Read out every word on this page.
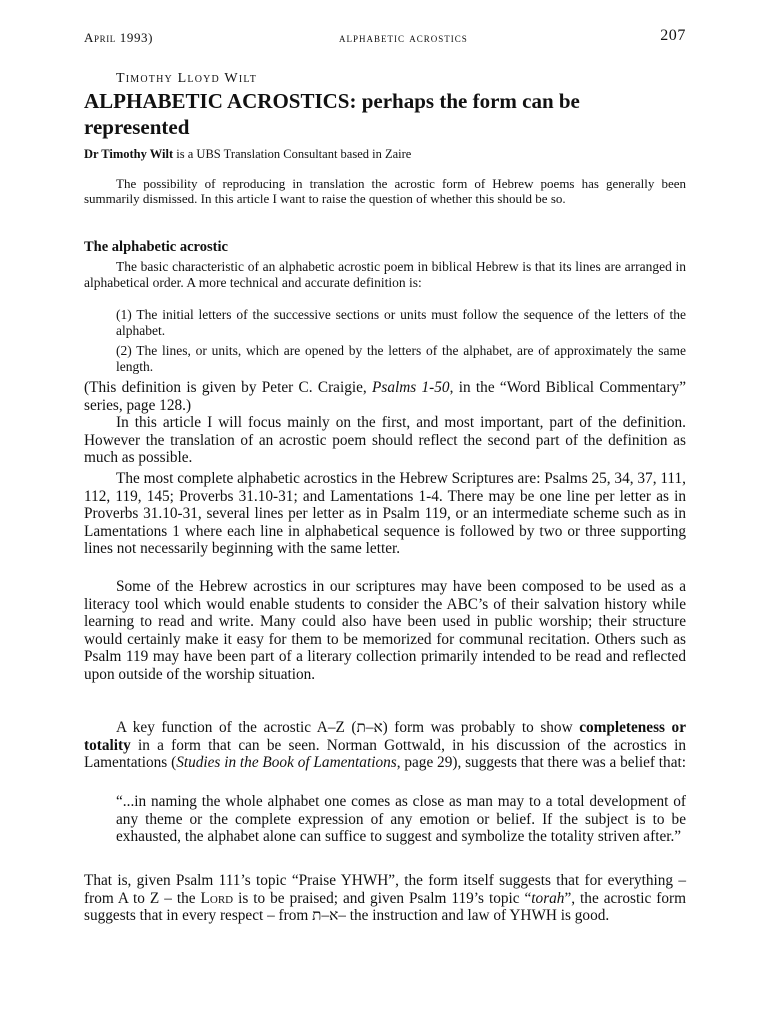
April 1993)	alphabetic acrostics	207
Timothy Lloyd Wilt
ALPHABETIC ACROSTICS: perhaps the form can be represented
Dr Timothy Wilt is a UBS Translation Consultant based in Zaire
The possibility of reproducing in translation the acrostic form of Hebrew poems has generally been summarily dismissed. In this article I want to raise the question of whether this should be so.
The alphabetic acrostic
The basic characteristic of an alphabetic acrostic poem in biblical Hebrew is that its lines are arranged in alphabetical order. A more technical and accurate definition is:
(1) The initial letters of the successive sections or units must follow the sequence of the letters of the alphabet.
(2) The lines, or units, which are opened by the letters of the alphabet, are of approximately the same length.
(This definition is given by Peter C. Craigie, Psalms 1-50, in the “Word Biblical Commentary” series, page 128.)
In this article I will focus mainly on the first, and most important, part of the definition. However the translation of an acrostic poem should reflect the second part of the definition as much as possible.
The most complete alphabetic acrostics in the Hebrew Scriptures are: Psalms 25, 34, 37, 111, 112, 119, 145; Proverbs 31.10-31; and Lamentations 1-4. There may be one line per letter as in Proverbs 31.10-31, several lines per letter as in Psalm 119, or an intermediate scheme such as in Lamentations 1 where each line in alphabetical sequence is followed by two or three supporting lines not necessarily beginning with the same letter.
Some of the Hebrew acrostics in our scriptures may have been composed to be used as a literacy tool which would enable students to consider the ABC’s of their salvation history while learning to read and write. Many could also have been used in public worship; their structure would certainly make it easy for them to be memorized for communal recitation. Others such as Psalm 119 may have been part of a literary collection primarily intended to be read and reflected upon outside of the worship situation.
A key function of the acrostic A–Z (א–ת) form was probably to show completeness or totality in a form that can be seen. Norman Gottwald, in his discussion of the acrostics in Lamentations (Studies in the Book of Lamentations, page 29), suggests that there was a belief that:
“...in naming the whole alphabet one comes as close as man may to a total development of any theme or the complete expression of any emotion or belief. If the subject is to be exhausted, the alphabet alone can suffice to suggest and symbolize the totality striven after.”
That is, given Psalm 111’s topic “Praise YHWH”, the form itself suggests that for everything – from A to Z – the Lord is to be praised; and given Psalm 119’s topic “torah”, the acrostic form suggests that in every respect – from א–ת– the instruction and law of YHWH is good.
